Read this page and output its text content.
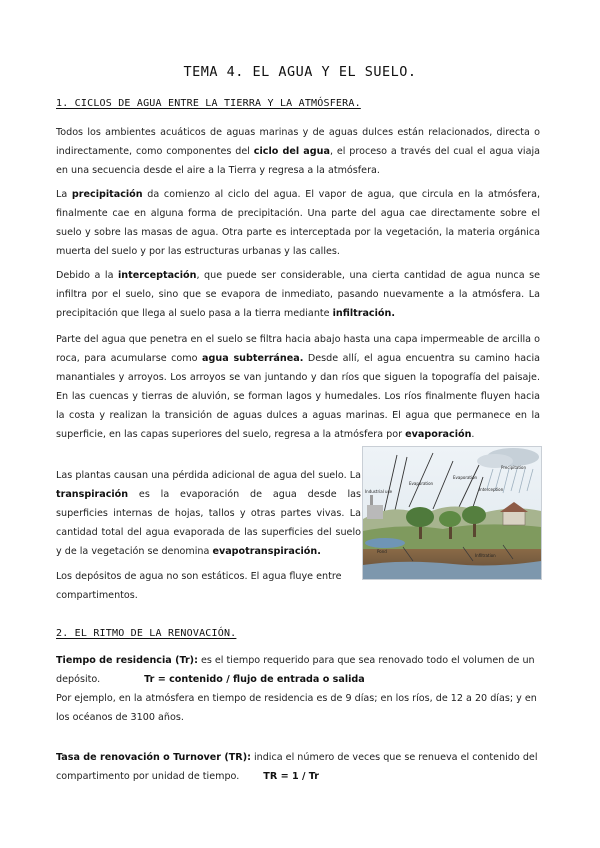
TEMA 4. EL AGUA Y EL SUELO.
1. CICLOS DE AGUA ENTRE LA TIERRA Y LA ATMÓSFERA.

Todos los ambientes acuáticos de aguas marinas y de aguas dulces están relacionados, directa o indirectamente, como componentes del ciclo del agua, el proceso a través del cual el agua viaja en una secuencia desde el aire a la Tierra y regresa a la atmósfera.

La precipitación da comienzo al ciclo del agua. El vapor de agua, que circula en la atmósfera, finalmente cae en alguna forma de precipitación. Una parte del agua cae directamente sobre el suelo y sobre las masas de agua. Otra parte es interceptada por la vegetación, la materia orgánica muerta del suelo y por las estructuras urbanas y las calles.

Debido a la interceptación, que puede ser considerable, una cierta cantidad de agua nunca se infiltra por el suelo, sino que se evapora de inmediato, pasando nuevamente a la atmósfera. La precipitación que llega al suelo pasa a la tierra mediante infiltración.

Parte del agua que penetra en el suelo se filtra hacia abajo hasta una capa impermeable de arcilla o roca, para acumularse como agua subterránea. Desde allí, el agua encuentra su camino hacia manantiales y arroyos. Los arroyos se van juntando y dan ríos que siguen la topografía del paisaje. En las cuencas y tierras de aluvión, se forman lagos y humedales. Los ríos finalmente fluyen hacia la costa y realizan la transición de aguas dulces a aguas marinas. El agua que permanece en la superficie, en las capas superiores del suelo, regresa a la atmósfera por evaporación.

Las plantas causan una pérdida adicional de agua del suelo. La transpiración es la evaporación de agua desde las superficies internas de hojas, tallos y otras partes vivas. La cantidad total del agua evaporada de las superficies del suelo y de la vegetación se denomina evapotranspiración.

Los depósitos de agua no son estáticos. El agua fluye entre compartimentos.

Precipitation
Evaporation
Evaporation
Interception
Industrial use
Pond
Infiltration
2. EL RITMO DE LA RENOVACIÓN.

Tiempo de residencia (Tr): es el tiempo requerido para que sea renovado todo el volumen de un depósito.	Tr = contenido / flujo de entrada o salida

Por ejemplo, en la atmósfera en tiempo de residencia es de 9 días; en los ríos, de 12 a 20 días; y en los océanos de 3100 años.

Tasa de renovación o Turnover (TR): indica el número de veces que se renueva el contenido del compartimento por unidad de tiempo.	TR = 1 / Tr
